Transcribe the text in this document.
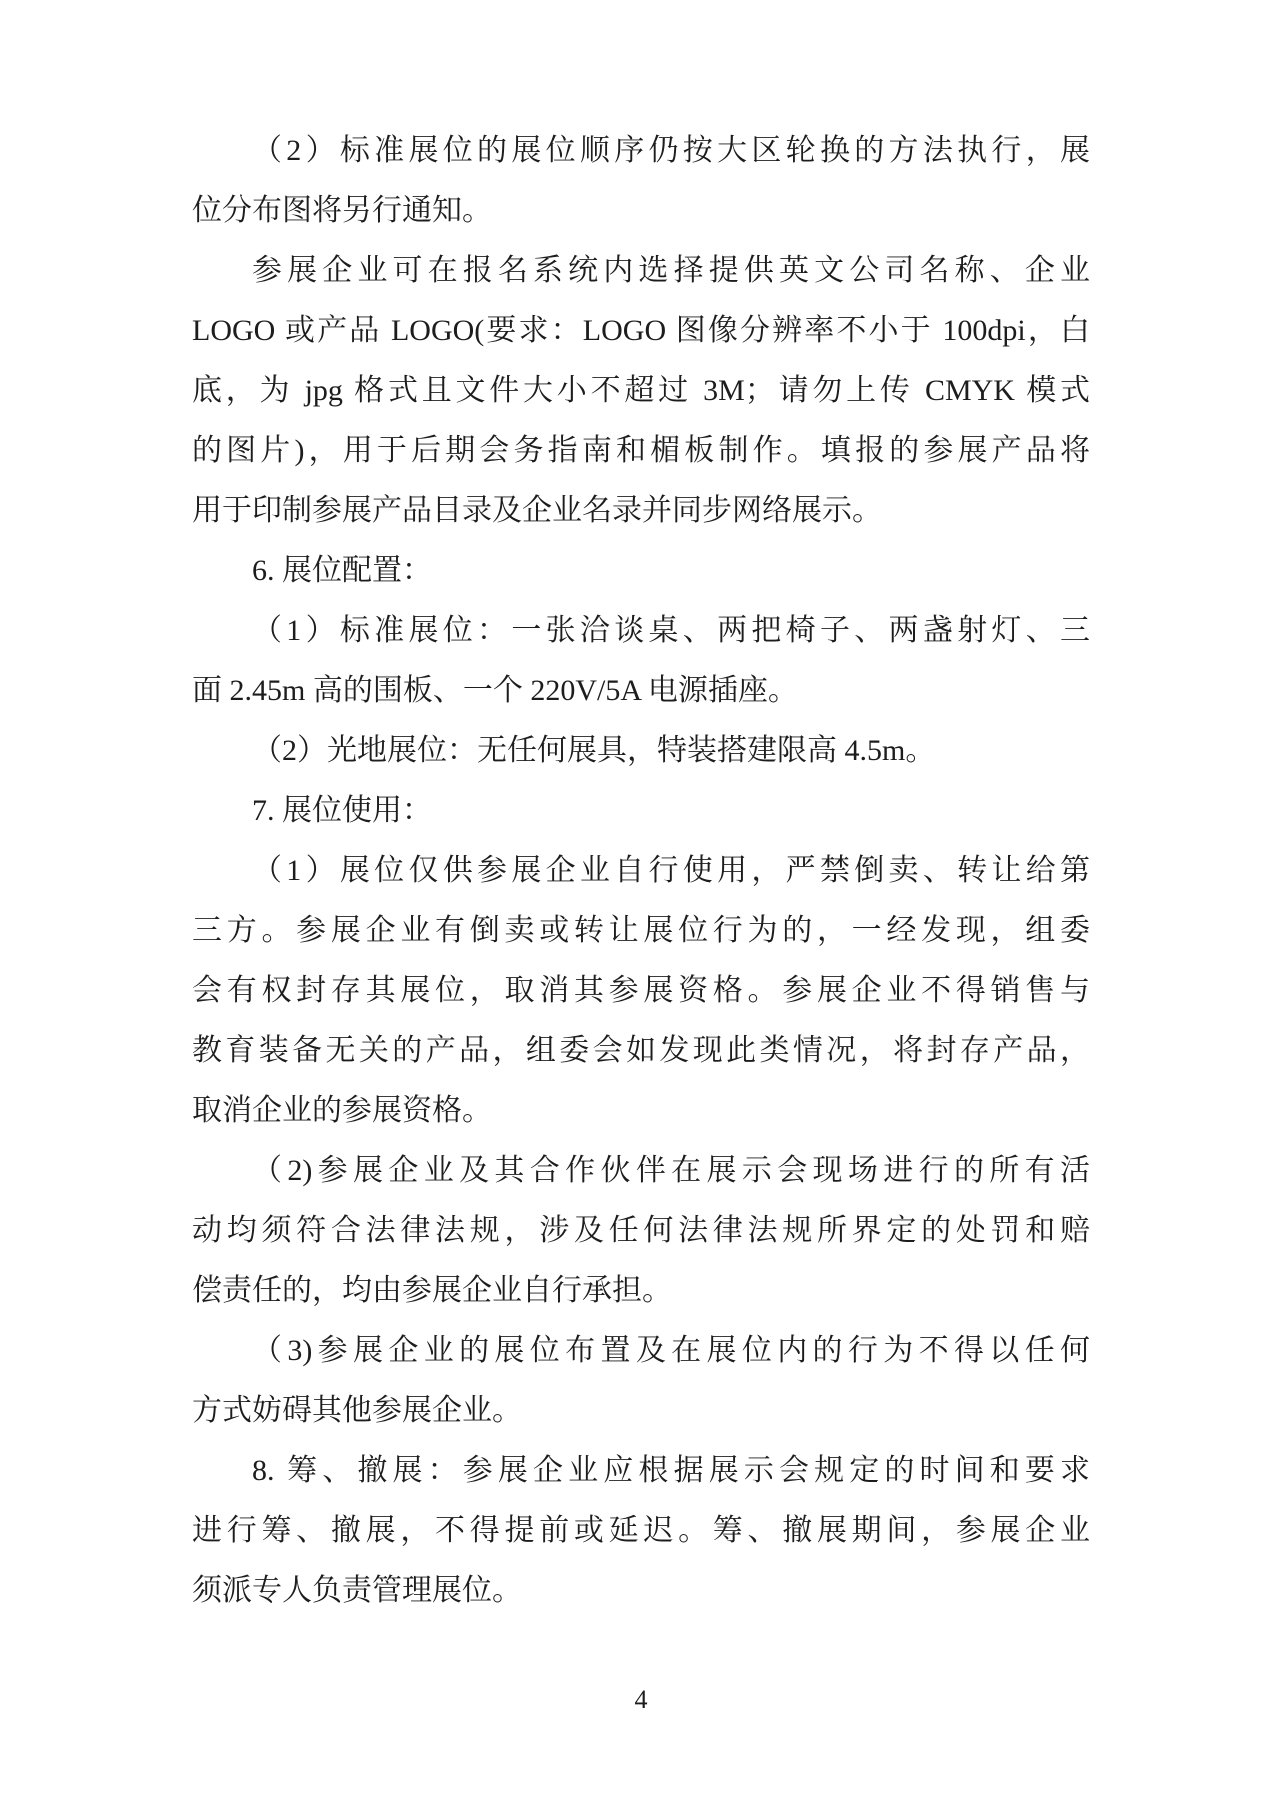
（2）标准展位的展位顺序仍按大区轮换的方法执行，展
位分布图将另行通知。
参展企业可在报名系统内选择提供英文公司名称、企业
LOGO 或产品 LOGO(要求：LOGO 图像分辨率不小于 100dpi，白
底，为 jpg 格式且文件大小不超过 3M；请勿上传 CMYK 模式
的图片)，用于后期会务指南和楣板制作。填报的参展产品将
用于印制参展产品目录及企业名录并同步网络展示。
6. 展位配置：
（1）标准展位：一张洽谈桌、两把椅子、两盏射灯、三
面 2.45m 高的围板、一个 220V/5A 电源插座。
（2）光地展位：无任何展具，特装搭建限高 4.5m。
7. 展位使用：
（1）展位仅供参展企业自行使用，严禁倒卖、转让给第
三方。参展企业有倒卖或转让展位行为的，一经发现，组委
会有权封存其展位，取消其参展资格。参展企业不得销售与
教育装备无关的产品，组委会如发现此类情况，将封存产品，
取消企业的参展资格。
（2)参展企业及其合作伙伴在展示会现场进行的所有活
动均须符合法律法规，涉及任何法律法规所界定的处罚和赔
偿责任的，均由参展企业自行承担。
（3)参展企业的展位布置及在展位内的行为不得以任何
方式妨碍其他参展企业。
8. 筹、撤展：参展企业应根据展示会规定的时间和要求
进行筹、撤展，不得提前或延迟。筹、撤展期间，参展企业
须派专人负责管理展位。
4
